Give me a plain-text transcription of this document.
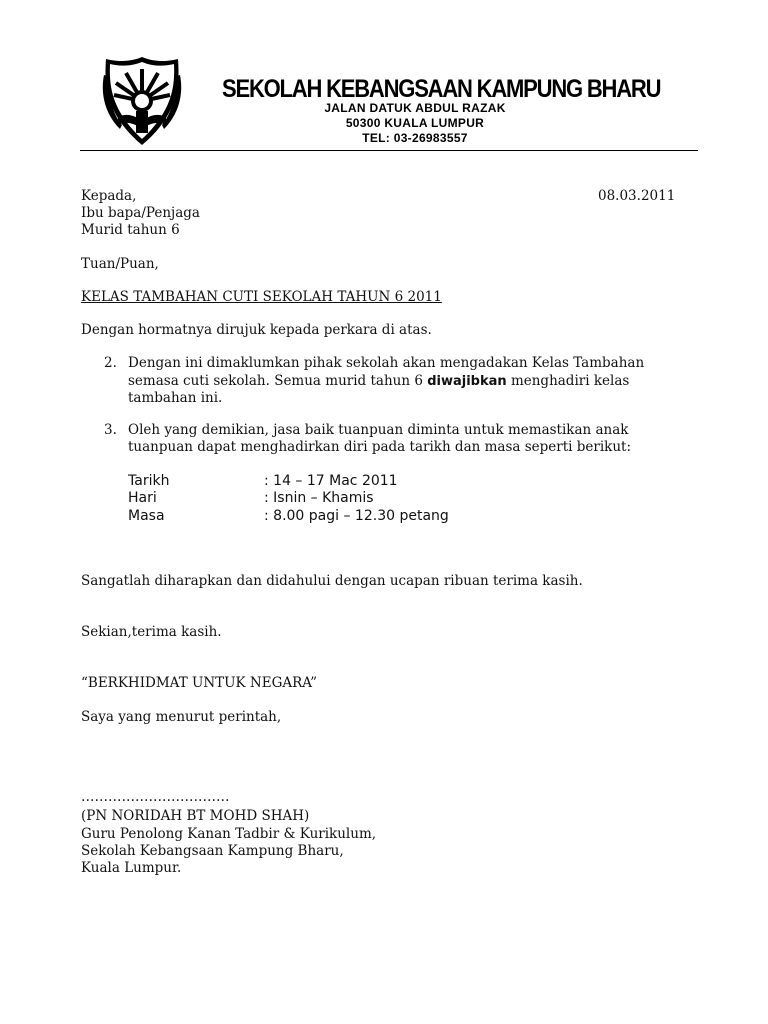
SEKOLAH KEBANGSAAN KAMPUNG BHARU
JALAN DATUK ABDUL RAZAK
50300 KUALA LUMPUR
TEL: 03-26983557
Kepada,	08.03.2011
Ibu bapa/Penjaga
Murid tahun 6
Tuan/Puan,
KELAS TAMBAHAN CUTI SEKOLAH TAHUN 6 2011
Dengan hormatnya dirujuk kepada perkara di atas.
2. Dengan ini dimaklumkan pihak sekolah akan mengadakan Kelas Tambahan
semasa cuti sekolah. Semua murid tahun 6 diwajibkan menghadiri kelas
tambahan ini.
3. Oleh yang demikian, jasa baik tuanpuan diminta untuk memastikan anak
tuanpuan dapat menghadirkan diri pada tarikh dan masa seperti berikut:
Tarikh	: 14 – 17 Mac 2011
Hari	: Isnin – Khamis
Masa	: 8.00 pagi – 12.30 petang
Sangatlah diharapkan dan didahului dengan ucapan ribuan terima kasih.
Sekian,terima kasih.
“BERKHIDMAT UNTUK NEGARA”
Saya yang menurut perintah,
……………………………
(PN NORIDAH BT MOHD SHAH)
Guru Penolong Kanan Tadbir & Kurikulum,
Sekolah Kebangsaan Kampung Bharu,
Kuala Lumpur.
